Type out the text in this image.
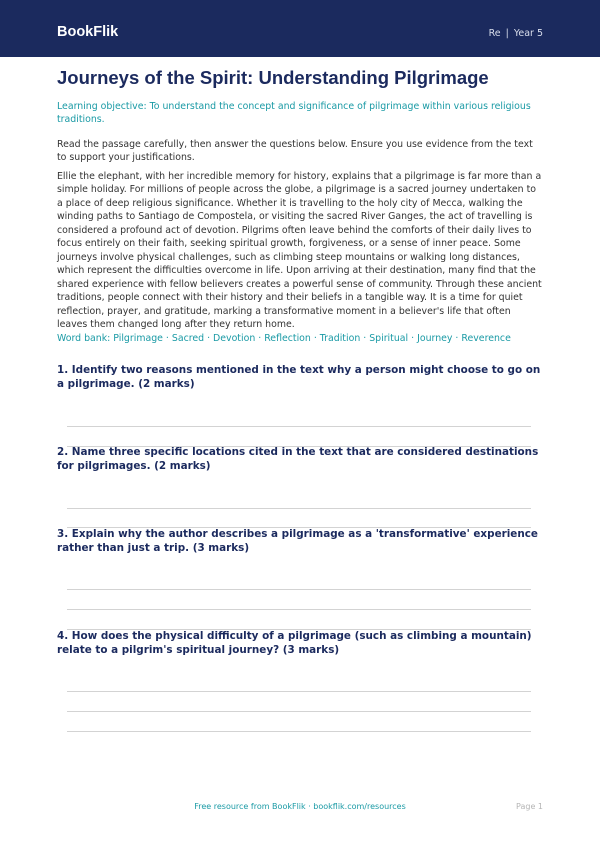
BookFlik	Re | Year 5
Journeys of the Spirit: Understanding Pilgrimage

Learning objective: To understand the concept and significance of pilgrimage within various religious traditions.

Read the passage carefully, then answer the questions below. Ensure you use evidence from the text to support your justifications.

Ellie the elephant, with her incredible memory for history, explains that a pilgrimage is far more than a simple holiday. For millions of people across the globe, a pilgrimage is a sacred journey undertaken to a place of deep religious significance. Whether it is travelling to the holy city of Mecca, walking the winding paths to Santiago de Compostela, or visiting the sacred River Ganges, the act of travelling is considered a profound act of devotion. Pilgrims often leave behind the comforts of their daily lives to focus entirely on their faith, seeking spiritual growth, forgiveness, or a sense of inner peace. Some journeys involve physical challenges, such as climbing steep mountains or walking long distances, which represent the difficulties overcome in life. Upon arriving at their destination, many find that the shared experience with fellow believers creates a powerful sense of community. Through these ancient traditions, people connect with their history and their beliefs in a tangible way. It is a time for quiet reflection, prayer, and gratitude, marking a transformative moment in a believer's life that often leaves them changed long after they return home.

Word bank: Pilgrimage · Sacred · Devotion · Reflection · Tradition · Spiritual · Journey · Reverence

1. Identify two reasons mentioned in the text why a person might choose to go on a pilgrimage. (2 marks)

2. Name three specific locations cited in the text that are considered destinations for pilgrimages. (2 marks)

3. Explain why the author describes a pilgrimage as a 'transformative' experience rather than just a trip. (3 marks)

4. How does the physical difficulty of a pilgrimage (such as climbing a mountain) relate to a pilgrim's spiritual journey? (3 marks)

Free resource from BookFlik · bookflik.com/resources	Page 1
